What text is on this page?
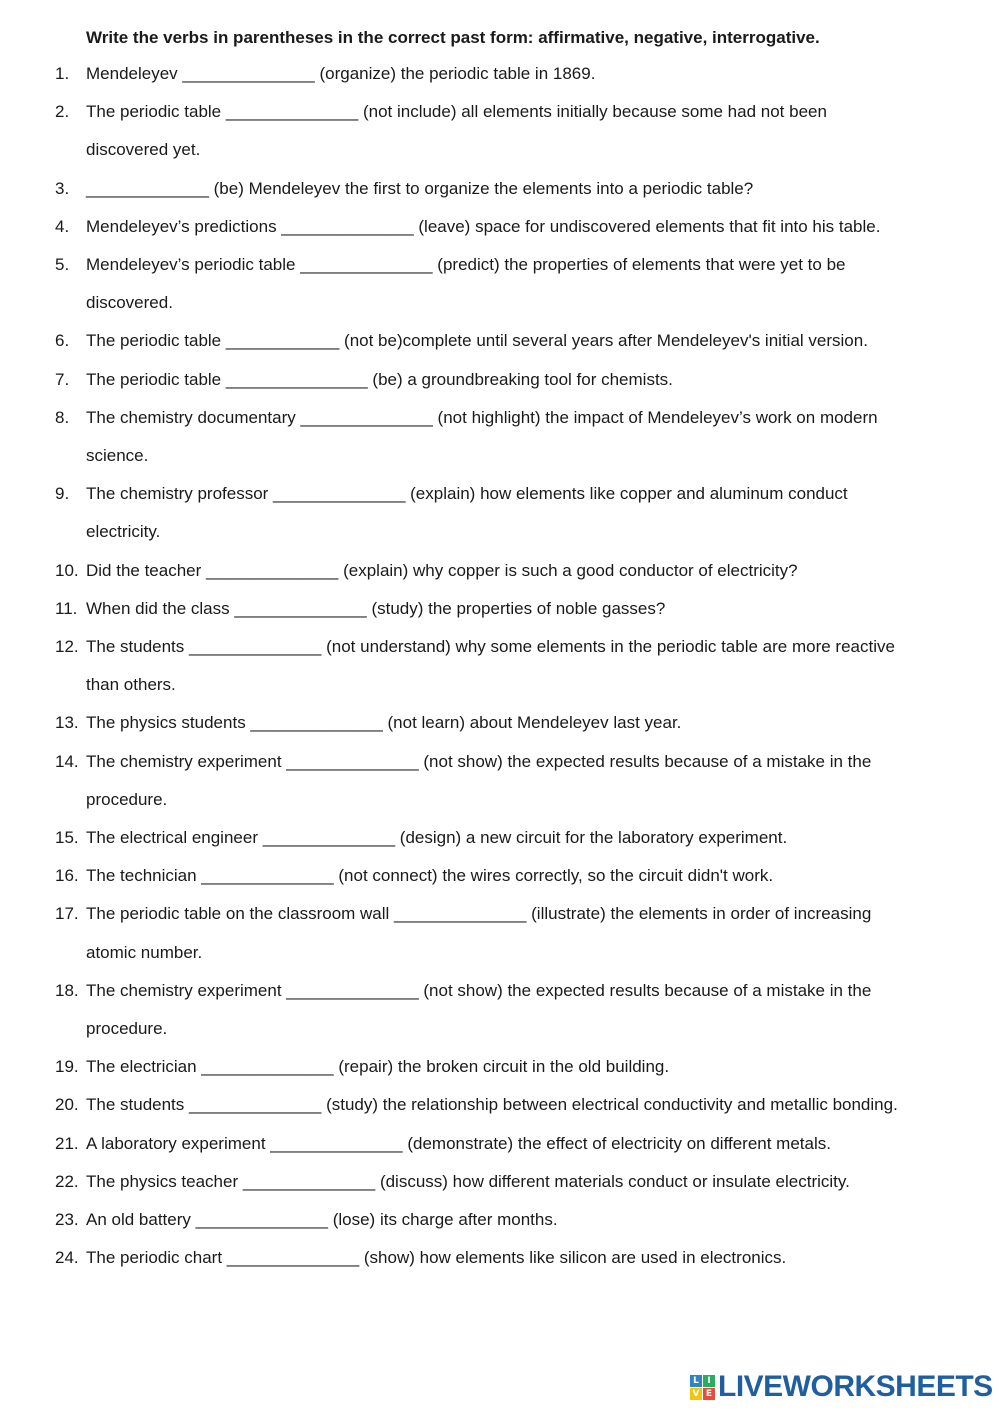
Write the verbs in parentheses in the correct past form: affirmative, negative, interrogative.
1. Mendeleyev ______________ (organize) the periodic table in 1869.
2. The periodic table ______________ (not include) all elements initially because some had not been
discovered yet.
3. _____________ (be) Mendeleyev the first to organize the elements into a periodic table?
4. Mendeleyev’s predictions ______________ (leave) space for undiscovered elements that fit into his table.
5. Mendeleyev’s periodic table ______________ (predict) the properties of elements that were yet to be
discovered.
6. The periodic table ____________ (not be)complete until several years after Mendeleyev's initial version.
7. The periodic table _______________ (be) a groundbreaking tool for chemists.
8. The chemistry documentary ______________ (not highlight) the impact of Mendeleyev’s work on modern
science.
9. The chemistry professor ______________ (explain) how elements like copper and aluminum conduct
electricity.
10. Did the teacher ______________ (explain) why copper is such a good conductor of electricity?
11. When did the class ______________ (study) the properties of noble gasses?
12. The students ______________ (not understand) why some elements in the periodic table are more reactive
than others.
13. The physics students ______________ (not learn) about Mendeleyev last year.
14. The chemistry experiment ______________ (not show) the expected results because of a mistake in the
procedure.
15. The electrical engineer ______________ (design) a new circuit for the laboratory experiment.
16. The technician ______________ (not connect) the wires correctly, so the circuit didn't work.
17. The periodic table on the classroom wall ______________ (illustrate) the elements in order of increasing
atomic number.
18. The chemistry experiment ______________ (not show) the expected results because of a mistake in the
procedure.
19. The electrician ______________ (repair) the broken circuit in the old building.
20. The students ______________ (study) the relationship between electrical conductivity and metallic bonding.
21. A laboratory experiment ______________ (demonstrate) the effect of electricity on different metals.
22. The physics teacher ______________ (discuss) how different materials conduct or insulate electricity.
23. An old battery ______________ (lose) its charge after months.
24. The periodic chart ______________ (show) how elements like silicon are used in electronics.
L I
V E LIVEWORKSHEETS
